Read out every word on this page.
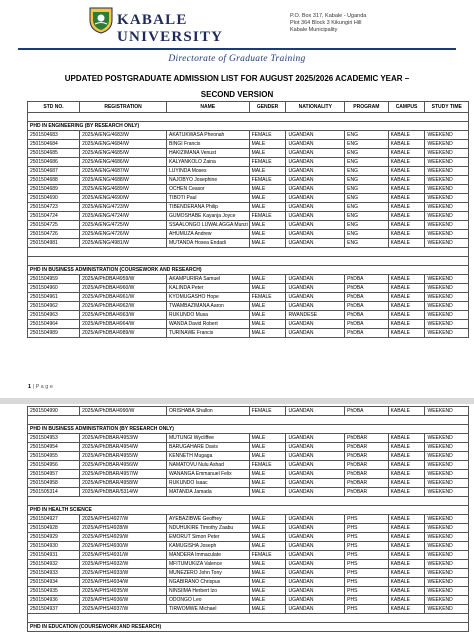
KABALE
UNIVERSITY
P.O. Box 317, Kabale - Uganda
Plot 364 Block 3 Kikungiri Hill
Kabale Municipality
Directorate of Graduate Training
UPDATED POSTGRADUATE ADMISSION LIST FOR AUGUST 2025/2026 ACADEMIC YEAR –
SECOND VERSION
STD NO.	REGISTRATION	NAME	GENDER	NATIONALITY	PROGRAM	CAMPUS	STUDY TIME

PHD IN ENGINEERING (BY RESEARCH ONLY)							
2501504683	2025/A/ENG/4683/W	AKATUKWASA Pheonah	FEMALE	UGANDAN	ENG	KABALE	WEEKEND
2501504684	2025/A/ENG/4684/W	BINGI Francis	MALE	UGANDAN	ENG	KABALE	WEEKEND
2501504685	2025/A/ENG/4685/W	HAKIZIMANA Venust	MALE	UGANDAN	ENG	KABALE	WEEKEND
2501504686	2025/A/ENG/4686/W	KALYANKOLO Zaina	FEMALE	UGANDAN	ENG	KABALE	WEEKEND
2501504687	2025/A/ENG/4687/W	LUYINDA Moses	MALE	UGANDAN	ENG	KABALE	WEEKEND
2501504688	2025/A/ENG/4688/W	NAJOBYO Josephine	FEMALE	UGANDAN	ENG	KABALE	WEEKEND
2501504689	2025/A/ENG/4689/W	OCHEN Ceasor	MALE	UGANDAN	ENG	KABALE	WEEKEND
2501504690	2025/A/ENG/4690/W	TIBOTI Paul	MALE	UGANDAN	ENG	KABALE	WEEKEND
2501504723	2025/A/ENG/4723/W	TIBENDERANA Philip	MALE	UGANDAN	ENG	KABALE	WEEKEND
2501504724	2025/A/ENG/4724/W	GUMOSHABE Kayanja Joyce	FEMALE	UGANDAN	ENG	KABALE	WEEKEND
2501504725	2025/A/ENG/4725/W	SSAALONGO LUWALAGGA Munzi	MALE	UGANDAN	ENG	KABALE	WEEKEND
2501504726	2025/A/ENG/4726/W	AHUMUZA Andrew	MALE	UGANDAN	ENG	KABALE	WEEKEND
2501504981	2025/A/ENG/4981/W	MUTANDA Hosea Endadi	MALE	UGANDAN	ENG	KABALE	WEEKEND

PHD IN BUSINESS ADMINISTRATION (COURSEWORK AND RESEARCH)							
2501504959	2025/A/PhDBA/4959/W	AKAMPURIRA Samuel	MALE	UGANDAN	PhDBA	KABALE	WEEKEND
2501504960	2025/A/PhDBA/4960/W	KALINDA Peter	MALE	UGANDAN	PhDBA	KABALE	WEEKEND
2501504961	2025/A/PhDBA/4961/W	KYOMUGASHO Hope	FEMALE	UGANDAN	PhDBA	KABALE	WEEKEND
2501504962	2025/A/PhDBA/4962/W	TWAMBAZIMANA Aaron	MALE	UGANDAN	PhDBA	KABALE	WEEKEND
2501504963	2025/A/PhDBA/4963/W	RUKUNDO Musa	MALE	RWANDESE	PhDBA	KABALE	WEEKEND
2501504964	2025/A/PhDBA/4964/W	WANDA David Robert	MALE	UGANDAN	PhDBA	KABALE	WEEKEND
2501504989	2025/A/PhDBA/4989/W	TURINAWE Francis	MALE	UGANDAN	PhDBA	KABALE	WEEKEND
1 | P a g e
2501504990	2025/A/PhDBA/4990/W	ORISHABA Shallon	FEMALE	UGANDAN	PhDBA	KABALE	WEEKEND

PHD IN BUSINESS ADMINISTRATION (BY RESEARCH ONLY)							
2501504953	2025/A/PhDBAR/4953/W	MUTUNGI Wycliffee	MALE	UGANDAN	PhDBAR	KABALE	WEEKEND
2501504954	2025/A/PhDBAR/4954/W	BARUGAHARE Davis	MALE	UGANDAN	PhDBAR	KABALE	WEEKEND
2501504955	2025/A/PhDBAR/4955/W	KENNETH Mugaga	MALE	UGANDAN	PhDBAR	KABALE	WEEKEND
2501504956	2025/A/PhDBAR/4956/W	NAMATOVU Nulu Ashad	FEMALE	UGANDAN	PhDBAR	KABALE	WEEKEND
2501504957	2025/A/PhDBAR/4957/W	WANANGA Emmanuel Felix	MALE	UGANDAN	PhDBAR	KABALE	WEEKEND
2501504958	2025/A/PhDBAR/4958/W	RUKUNDO Isaac	MALE	UGANDAN	PhDBAR	KABALE	WEEKEND
2501505314	2025/A/PhDBAR/5314/W	MATANDA Jamada	MALE	UGANDAN	PhDBAR	KABALE	WEEKEND

PHD IN HEALTH SCIENCE							
2501504927	2025/A/PHS/4927/W	AYEBAZIBWE Geoffrey	MALE	UGANDAN	PHS	KABALE	WEEKEND
2501504928	2025/A/PHS/4928/W	NDUHUKIRE Timothy Zaabu	MALE	UGANDAN	PHS	KABALE	WEEKEND
2501504929	2025/A/PHS/4929/W	EMORUT Simon Peter	MALE	UGANDAN	PHS	KABALE	WEEKEND
2501504930	2025/A/PHS/4930/W	KAMUGISHA Joseph	MALE	UGANDAN	PHS	KABALE	WEEKEND
2501504931	2025/A/PHS/4931/W	MANDERA Immaculate	FEMALE	UGANDAN	PHS	KABALE	WEEKEND
2501504932	2025/A/PHS/4932/W	MFITUMUKIZA Valence	MALE	UGANDAN	PHS	KABALE	WEEKEND
2501504933	2025/A/PHS/4933/W	MUNEZERO John Tony	MALE	UGANDAN	PHS	KABALE	WEEKEND
2501504934	2025/A/PHS/4934/W	NGABIRANO Chrispus	MALE	UGANDAN	PHS	KABALE	WEEKEND
2501504935	2025/A/PHS/4935/W	NINSIIMA Herbert Izo	MALE	UGANDAN	PHS	KABALE	WEEKEND
2501504936	2025/A/PHS/4936/W	ODONGO Leo	MALE	UGANDAN	PHS	KABALE	WEEKEND
2501504937	2025/A/PHS/4937/W	TIRWOMWE Michael	MALE	UGANDAN	PHS	KABALE	WEEKEND

PHD IN EDUCATION (COURSEWORK AND RESEARCH)							
